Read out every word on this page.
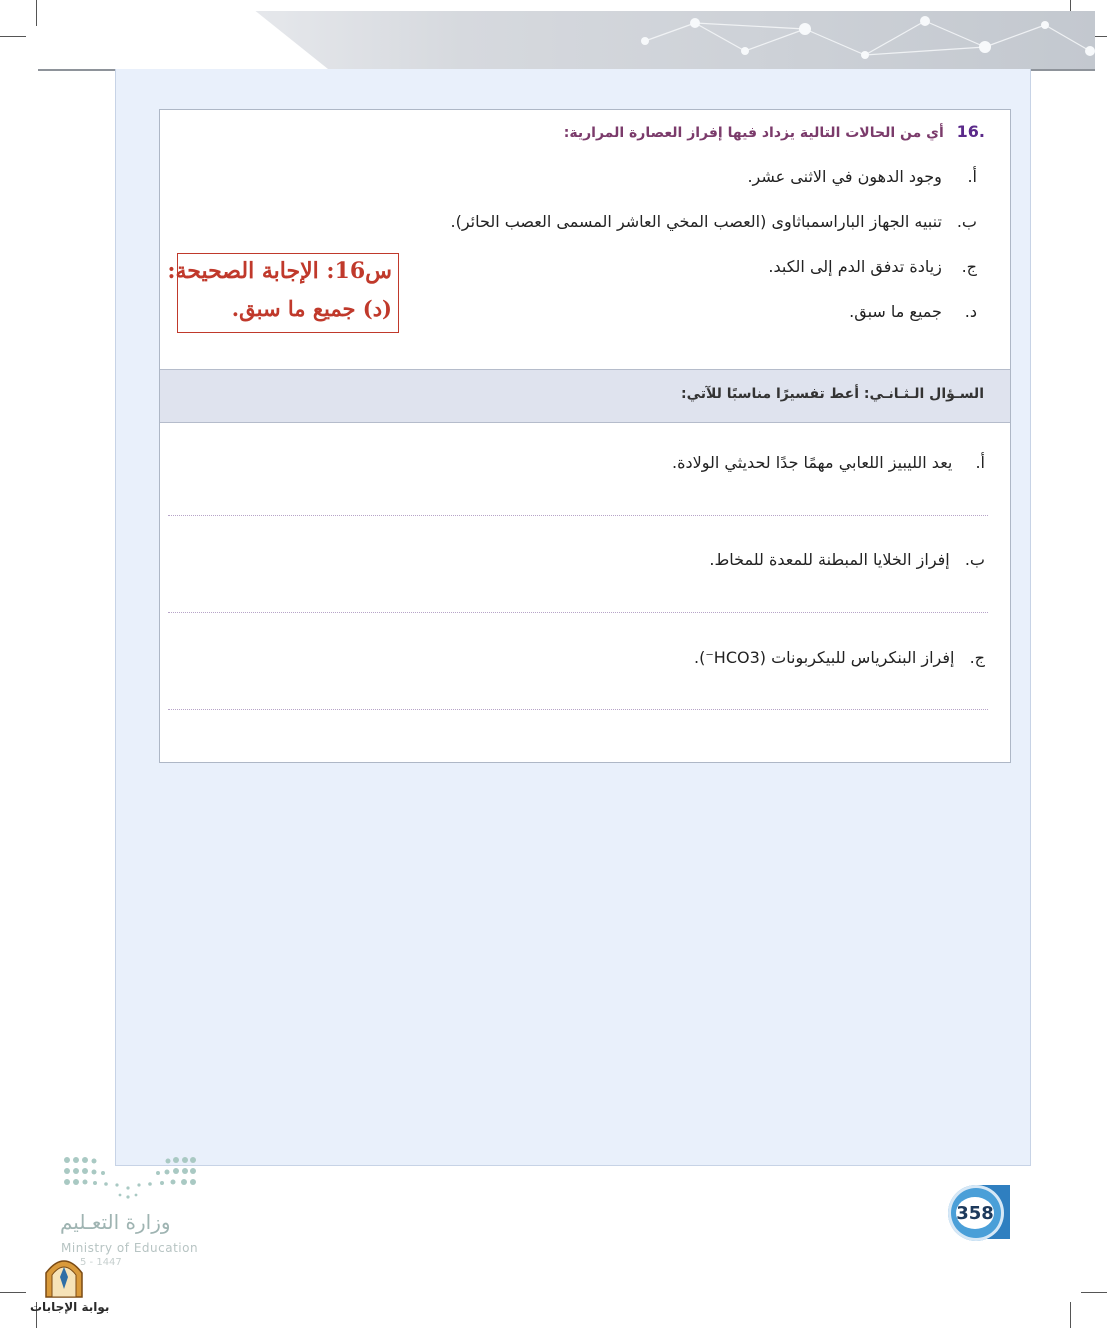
.16 أي من الحالات التالية يزداد فيها إفراز العصارة المرارية:
أ. وجود الدهون في الاثنى عشر.
ب. تنبيه الجهاز الباراسمباثاوى (العصب المخي العاشر المسمى العصب الحائر).
ج. زيادة تدفق الدم إلى الكبد.
د. جميع ما سبق.
س16: الإجابة الصحيحة:
(د) جميع ما سبق.
السـؤال الـثـانـي: أعط تفسيرًا مناسبًا للآتي:
أ. يعد الليبيز اللعابي مهمًا جدًا لحديثي الولادة.
ب. إفراز الخلايا المبطنة للمعدة للمخاط.
ج. إفراز البنكرياس للبيكربونات (HCO3⁻).
358
وزارة التعـليم
Ministry of Education
5 - 1447
بوابة الإجابات
